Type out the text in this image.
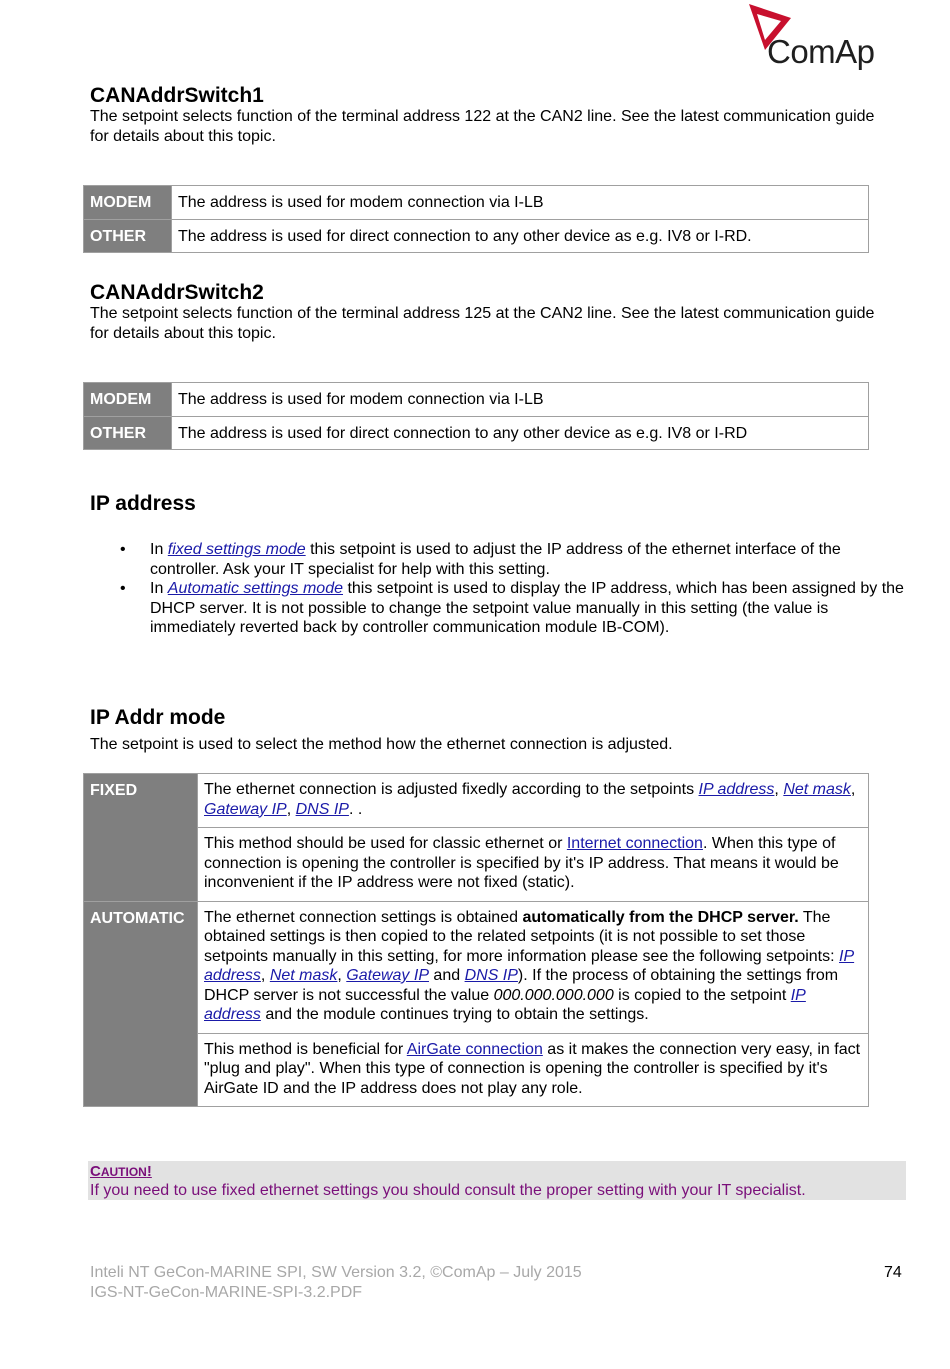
ComAp
CANAddrSwitch1

The setpoint selects function of the terminal address 122 at the CAN2 line. See the latest communication guide for details about this topic.

MODEM	The address is used for modem connection via I-LB
OTHER	The address is used for direct connection to any other device as e.g. IV8 or I-RD.
CANAddrSwitch2

The setpoint selects function of the terminal address 125 at the CAN2 line. See the latest communication guide for details about this topic.

MODEM	The address is used for modem connection via I-LB
OTHER	The address is used for direct connection to any other device as e.g. IV8 or I-RD
IP address
• In fixed settings mode this setpoint is used to adjust the IP address of the ethernet interface of the controller. Ask your IT specialist for help with this setting.
• In Automatic settings mode this setpoint is used to display the IP address, which has been assigned by the DHCP server. It is not possible to change the setpoint value manually in this setting (the value is immediately reverted back by controller communication module IB-COM).
IP Addr mode

The setpoint is used to select the method how the ethernet connection is adjusted.

FIXED	The ethernet connection is adjusted fixedly according to the setpoints IP address, Net mask, Gateway IP, DNS IP. .
	This method should be used for classic ethernet or Internet connection. When this type of connection is opening the controller is specified by it's IP address. That means it would be inconvenient if the IP address were not fixed (static).
AUTOMATIC	The ethernet connection settings is obtained automatically from the DHCP server. The obtained settings is then copied to the related setpoints (it is not possible to set those setpoints manually in this setting, for more information please see the following setpoints: IP address, Net mask, Gateway IP and DNS IP). If the process of obtaining the settings from DHCP server is not successful the value 000.000.000.000 is copied to the setpoint IP address and the module continues trying to obtain the settings.
	This method is beneficial for AirGate connection as it makes the connection very easy, in fact "plug and play". When this type of connection is opening the controller is specified by it's AirGate ID and the IP address does not play any role.
CAUTION!
If you need to use fixed ethernet settings you should consult the proper setting with your IT specialist.
Inteli NT GeCon-MARINE SPI, SW Version 3.2, ©ComAp – July 2015
IGS-NT-GeCon-MARINE-SPI-3.2.PDF
74
